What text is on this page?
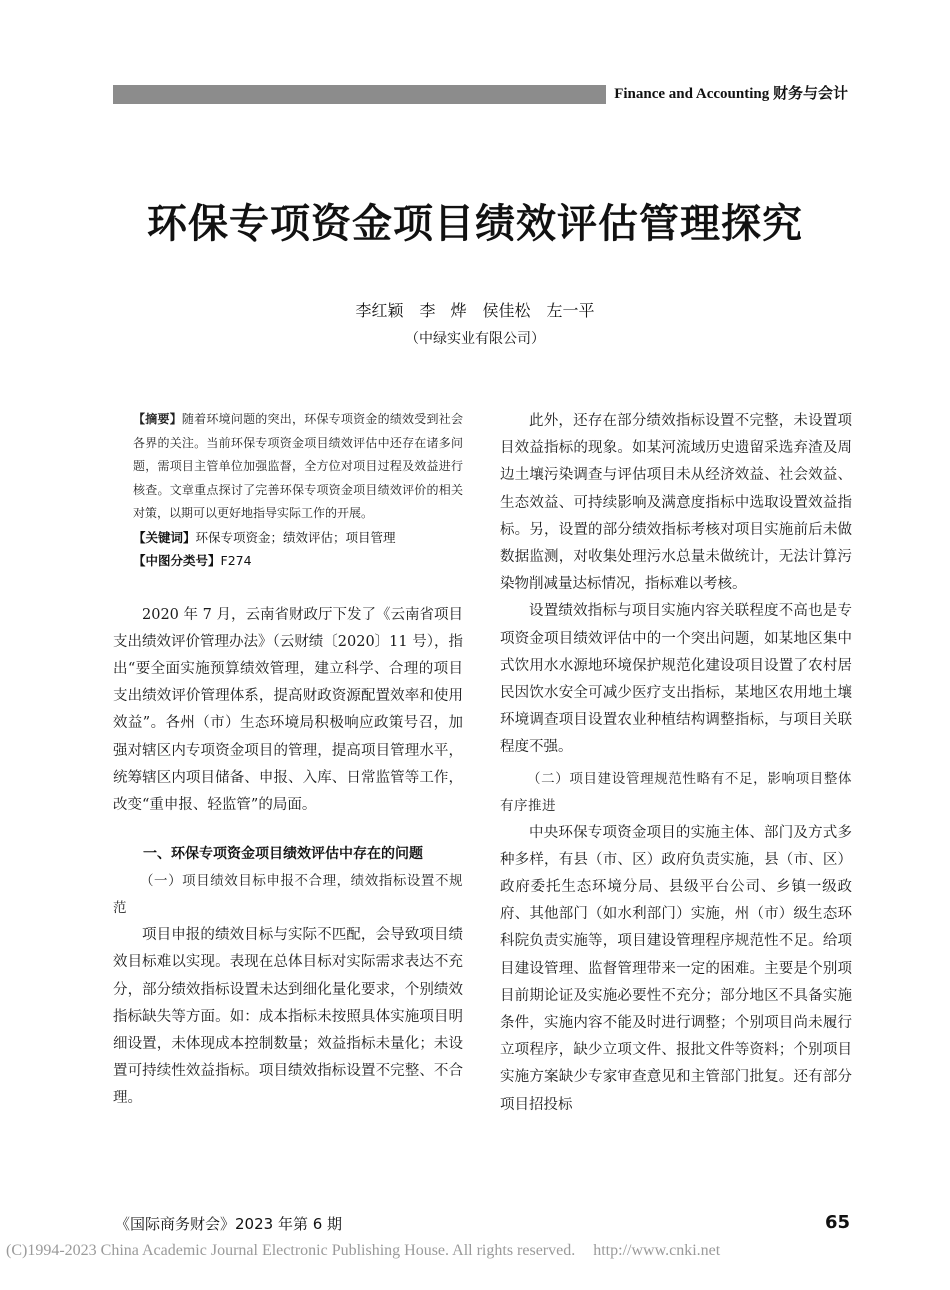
Finance and Accounting 财务与会计
环保专项资金项目绩效评估管理探究
李红颖　李 烨　侯佳松　左一平
（中绿实业有限公司）

【摘要】随着环境问题的突出，环保专项资金的绩效受到社会各界的关注。当前环保专项资金项目绩效评估中还存在诸多问题，需项目主管单位加强监督，全方位对项目过程及效益进行核查。文章重点探讨了完善环保专项资金项目绩效评价的相关对策，以期可以更好地指导实际工作的开展。

【关键词】环保专项资金；绩效评估；项目管理

【中图分类号】F274

2020 年 7 月，云南省财政厅下发了《云南省项目支出绩效评价管理办法》（云财绩〔2020〕11 号），指出“要全面实施预算绩效管理，建立科学、合理的项目支出绩效评价管理体系，提高财政资源配置效率和使用效益”。各州（市）生态环境局积极响应政策号召，加强对辖区内专项资金项目的管理，提高项目管理水平，统筹辖区内项目储备、申报、入库、日常监管等工作，改变“重申报、轻监管”的局面。

一、环保专项资金项目绩效评估中存在的问题

（一）项目绩效目标申报不合理，绩效指标设置不规范

项目申报的绩效目标与实际不匹配，会导致项目绩效目标难以实现。表现在总体目标对实际需求表达不充分，部分绩效指标设置未达到细化量化要求，个别绩效指标缺失等方面。如：成本指标未按照具体实施项目明细设置，未体现成本控制数量；效益指标未量化；未设置可持续性效益指标。项目绩效指标设置不完整、不合理。

此外，还存在部分绩效指标设置不完整，未设置项目效益指标的现象。如某河流域历史遗留采选弃渣及周边土壤污染调查与评估项目未从经济效益、社会效益、生态效益、可持续影响及满意度指标中选取设置效益指标。另，设置的部分绩效指标考核对项目实施前后未做数据监测，对收集处理污水总量未做统计，无法计算污染物削减量达标情况，指标难以考核。

设置绩效指标与项目实施内容关联程度不高也是专项资金项目绩效评估中的一个突出问题，如某地区集中式饮用水水源地环境保护规范化建设项目设置了农村居民因饮水安全可减少医疗支出指标，某地区农用地土壤环境调查项目设置农业种植结构调整指标，与项目关联程度不强。

（二）项目建设管理规范性略有不足，影响项目整体有序推进

中央环保专项资金项目的实施主体、部门及方式多种多样，有县（市、区）政府负责实施，县（市、区）政府委托生态环境分局、县级平台公司、乡镇一级政府、其他部门（如水利部门）实施，州（市）级生态环科院负责实施等，项目建设管理程序规范性不足。给项目建设管理、监督管理带来一定的困难。主要是个别项目前期论证及实施必要性不充分；部分地区不具备实施条件，实施内容不能及时进行调整；个别项目尚未履行立项程序，缺少立项文件、报批文件等资料；个别项目实施方案缺少专家审查意见和主管部门批复。还有部分项目招投标

《国际商务财会》2023 年第 6 期	65
(C)1994-2023 China Academic Journal Electronic Publishing House. All rights reserved. http://www.cnki.net
